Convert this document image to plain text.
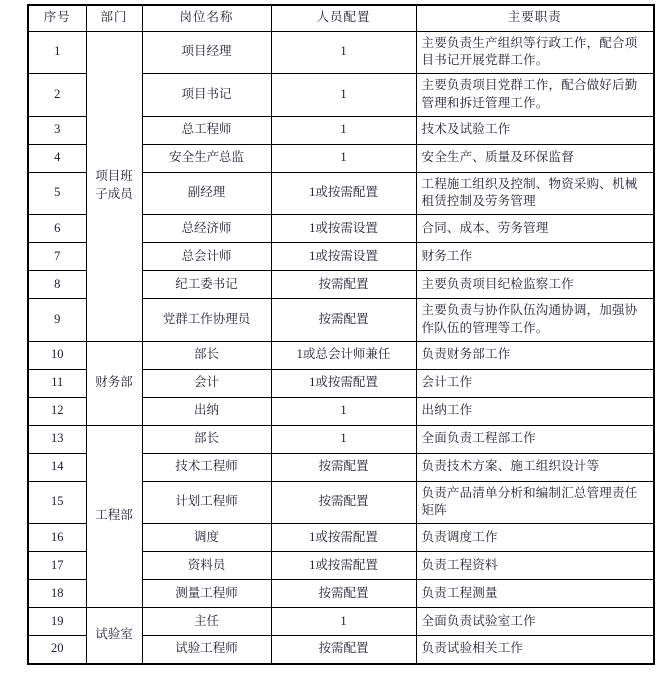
序号	部门	岗位名称	人员配置	主要职责
1	项目班子成员	项目经理	1	主要负责生产组织等行政工作，配合项目书记开展党群工作。
2		项目书记	1	主要负责项目党群工作，配合做好后勤管理和拆迁管理工作。
3		总工程师	1	技术及试验工作
4		安全生产总监	1	安全生产、质量及环保监督
5		副经理	1或按需配置	工程施工组织及控制、物资采购、机械租赁控制及劳务管理
6		总经济师	1或按需设置	合同、成本、劳务管理
7		总会计师	1或按需设置	财务工作
8		纪工委书记	按需配置	主要负责项目纪检监察工作
9		党群工作协理员	按需配置	主要负责与协作队伍沟通协调，加强协作队伍的管理等工作。
10	财务部	部长	1或总会计师兼任	负责财务部工作
11		会计	1或按需配置	会计工作
12		出纳	1	出纳工作
13	工程部	部长	1	全面负责工程部工作
14		技术工程师	按需配置	负责技术方案、施工组织设计等
15		计划工程师	按需配置	负责产品清单分析和编制汇总管理责任矩阵
16		调度	1或按需配置	负责调度工作
17		资料员	1或按需配置	负责工程资料
18		测量工程师	按需配置	负责工程测量
19	试验室	主任	1	全面负责试验室工作
20		试验工程师	按需配置	负责试验相关工作
